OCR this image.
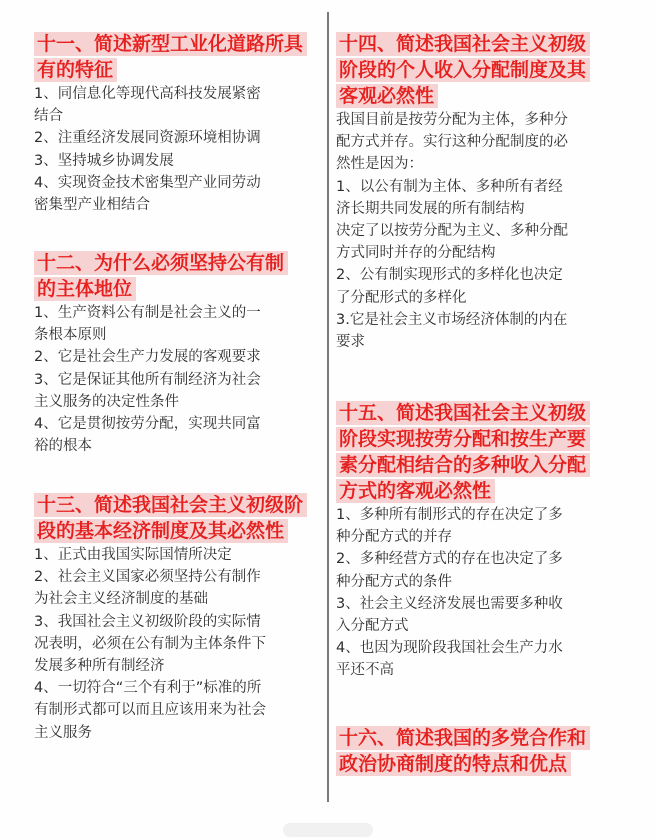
十一、简述新型工业化道路所具
有的特征
1、同信息化等现代高科技发展紧密
结合
2、注重经济发展同资源环境相协调
3、坚持城乡协调发展
4、实现资金技术密集型产业同劳动
密集型产业相结合
十二、为什么必须坚持公有制
的主体地位
1、生产资料公有制是社会主义的一
条根本原则
2、它是社会生产力发展的客观要求
3、它是保证其他所有制经济为社会
主义服务的决定性条件
4、它是贯彻按劳分配，实现共同富
裕的根本
十三、简述我国社会主义初级阶
段的基本经济制度及其必然性
1、正式由我国实际国情所决定
2、社会主义国家必须坚持公有制作
为社会主义经济制度的基础
3、我国社会主义初级阶段的实际情
况表明，必须在公有制为主体条件下
发展多种所有制经济
4、一切符合“三个有利于”标准的所
有制形式都可以而且应该用来为社会
主义服务
十四、简述我国社会主义初级
阶段的个人收入分配制度及其
客观必然性
我国目前是按劳分配为主体，多种分
配方式并存。实行这种分配制度的必
然性是因为：
1、以公有制为主体、多种所有者经
济长期共同发展的所有制结构
决定了以按劳分配为主义、多种分配
方式同时并存的分配结构
2、公有制实现形式的多样化也决定
了分配形式的多样化
3.它是社会主义市场经济体制的内在
要求
十五、简述我国社会主义初级
阶段实现按劳分配和按生产要
素分配相结合的多种收入分配
方式的客观必然性
1、多种所有制形式的存在决定了多
种分配方式的并存
2、多种经营方式的存在也决定了多
种分配方式的条件
3、社会主义经济发展也需要多种收
入分配方式
4、也因为现阶段我国社会生产力水
平还不高
十六、简述我国的多党合作和
政治协商制度的特点和优点
